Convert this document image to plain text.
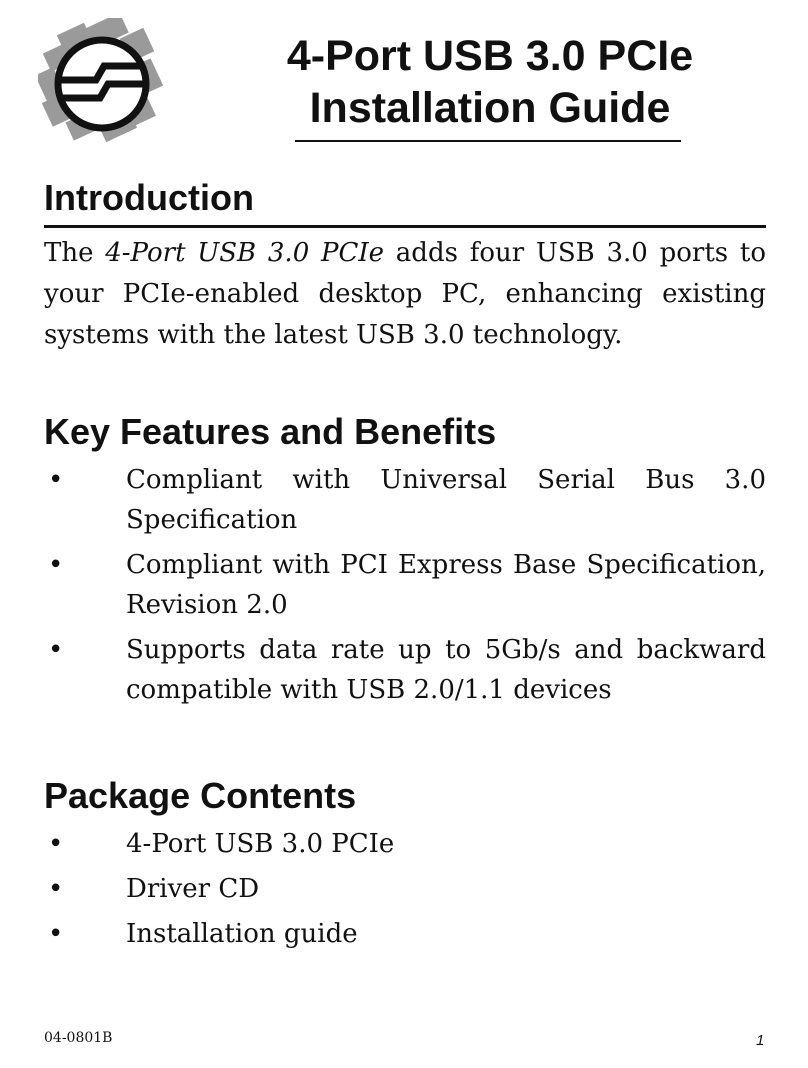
4-Port USB 3.0 PCIe
Installation Guide
Introduction
The 4-Port USB 3.0 PCIe adds four USB 3.0 ports to your PCIe-enabled desktop PC, enhancing existing systems with the latest USB 3.0 technology.
Key Features and Benefits
• Compliant with Universal Serial Bus 3.0 Specification
• Compliant with PCI Express Base Specification, Revision 2.0
• Supports data rate up to 5Gb/s and backward compatible with USB 2.0/1.1 devices
Package Contents
• 4-Port USB 3.0 PCIe
• Driver CD
• Installation guide
04-0801B	1
